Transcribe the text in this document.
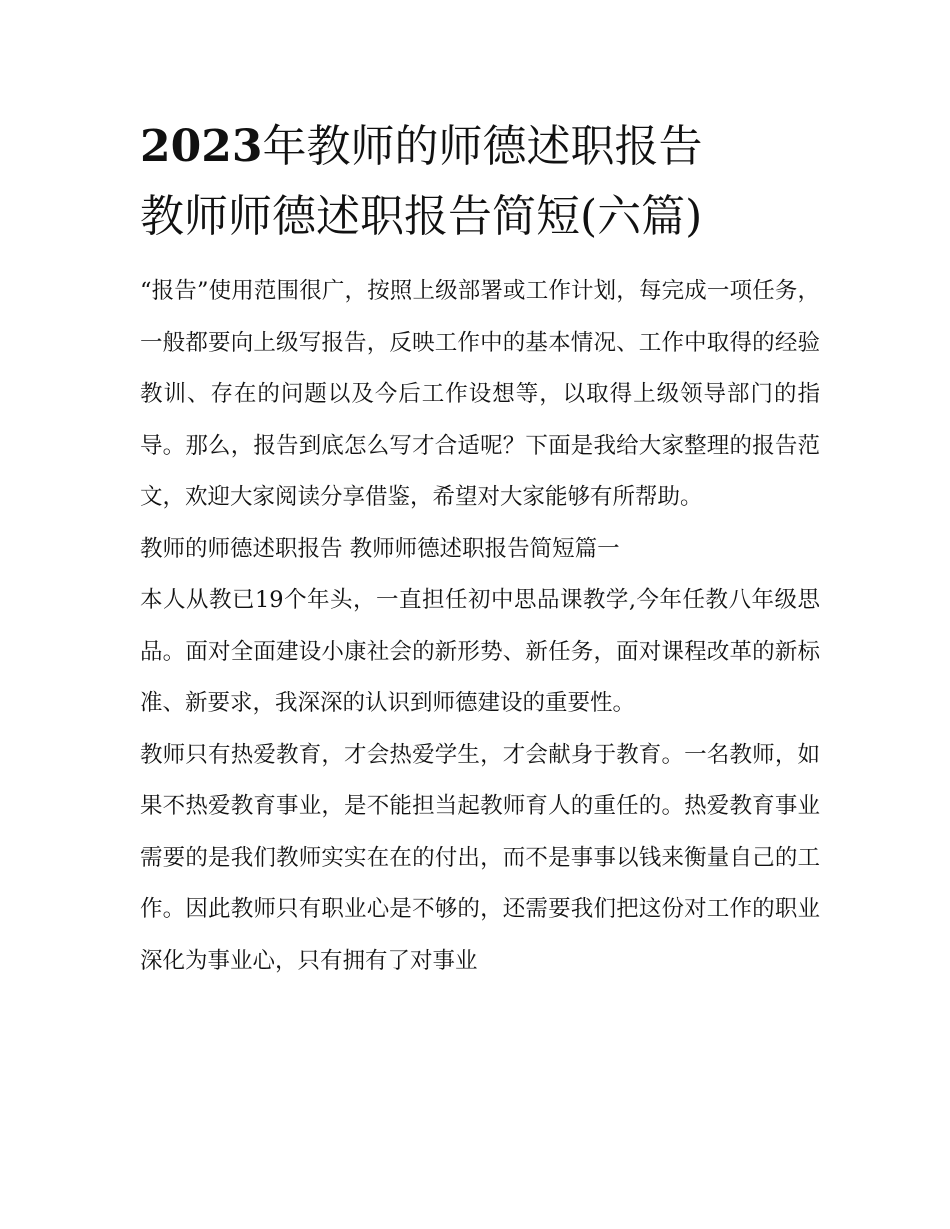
2023年教师的师德述职报告
教师师德述职报告简短(六篇)

“报告”使用范围很广，按照上级部署或工作计划，每完成一项任务，一般都要向上级写报告，反映工作中的基本情况、工作中取得的经验教训、存在的问题以及今后工作设想等，以取得上级领导部门的指导。那么，报告到底怎么写才合适呢？下面是我给大家整理的报告范文，欢迎大家阅读分享借鉴，希望对大家能够有所帮助。

教师的师德述职报告 教师师德述职报告简短篇一

本人从教已19个年头，一直担任初中思品课教学,今年任教八年级思品。面对全面建设小康社会的新形势、新任务，面对课程改革的新标准、新要求，我深深的认识到师德建设的重要性。

教师只有热爱教育，才会热爱学生，才会献身于教育。一名教师，如果不热爱教育事业，是不能担当起教师育人的重任的。热爱教育事业需要的是我们教师实实在在的付出，而不是事事以钱来衡量自己的工作。因此教师只有职业心是不够的，还需要我们把这份对工作的职业深化为事业心，只有拥有了对事业
